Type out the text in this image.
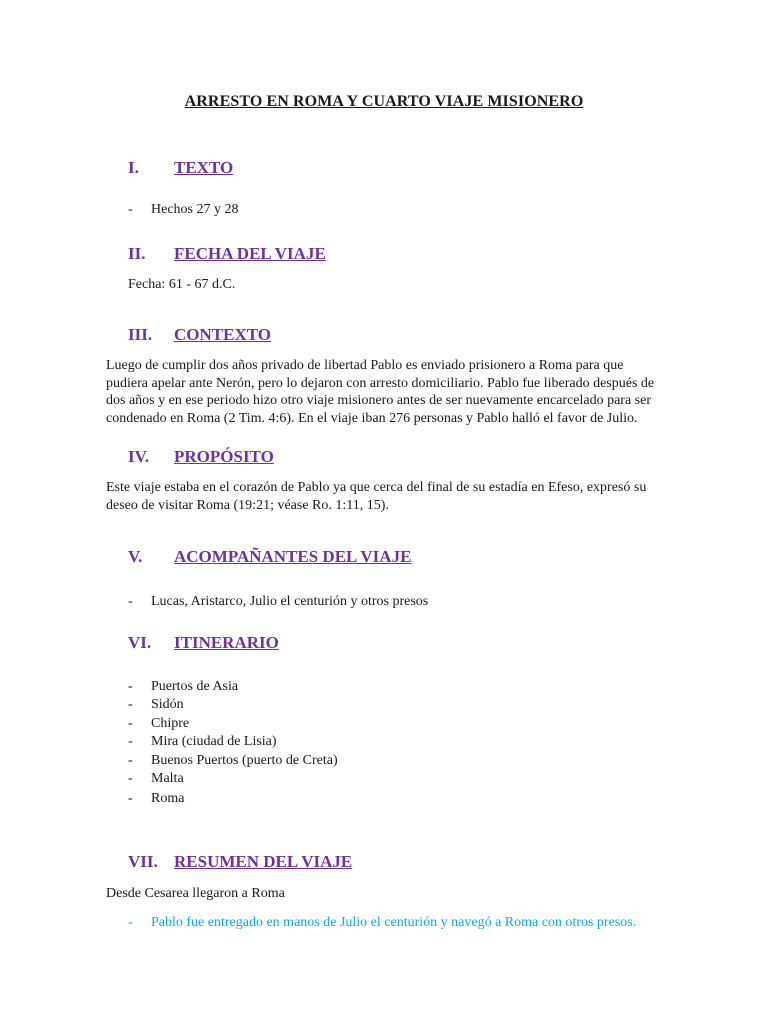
ARRESTO EN ROMA Y CUARTO VIAJE MISIONERO
I. TEXTO
- Hechos 27 y 28
II. FECHA DEL VIAJE
Fecha: 61 - 67 d.C.
III. CONTEXTO
Luego de cumplir dos años privado de libertad Pablo es enviado prisionero a Roma para que
pudiera apelar ante Nerón, pero lo dejaron con arresto domiciliario. Pablo fue liberado después de
dos años y en ese periodo hizo otro viaje misionero antes de ser nuevamente encarcelado para ser
condenado en Roma (2 Tim. 4:6). En el viaje iban 276 personas y Pablo halló el favor de Julio.
IV. PROPÓSITO
Este viaje estaba en el corazón de Pablo ya que cerca del final de su estadía en Efeso, expresó su
deseo de visitar Roma (19:21; véase Ro. 1:11, 15).
V. ACOMPAÑANTES DEL VIAJE
- Lucas, Aristarco, Julio el centurión y otros presos
VI. ITINERARIO
- Puertos de Asia
- Sidón
- Chipre
- Mira (ciudad de Lisia)
- Buenos Puertos (puerto de Creta)
- Malta
- Roma
VII. RESUMEN DEL VIAJE
Desde Cesarea llegaron a Roma
- Pablo fue entregado en manos de Julio el centurión y navegó a Roma con otros presos.
